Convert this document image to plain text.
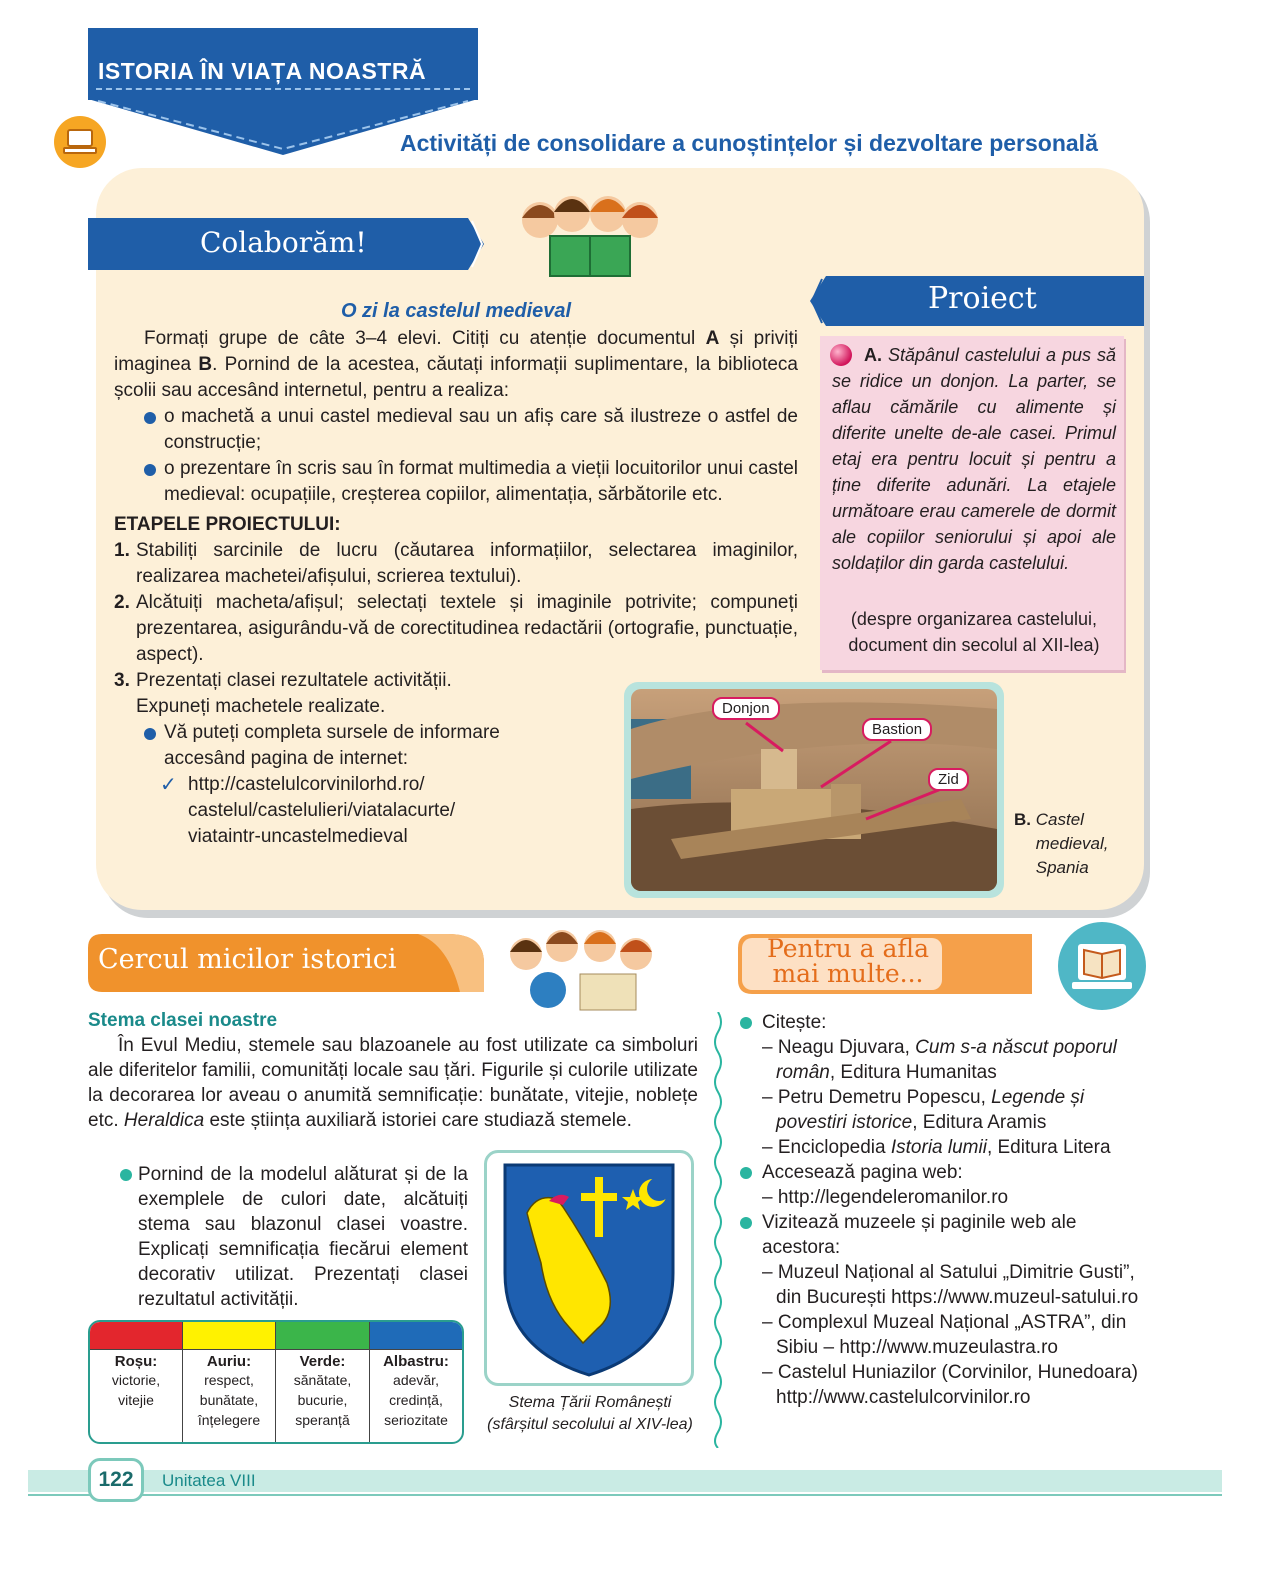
ISTORIA ÎN VIAȚA NOASTRĂ
Activități de consolidare a cunoștințelor și dezvoltare personală
Colaborăm!
Proiect
O zi la castelul medieval
Formați grupe de câte 3–4 elevi. Citiți cu atenție documentul A și priviți imaginea B. Pornind de la acestea, căutați informații suplimentare, la biblioteca școlii sau accesând internetul, pentru a realiza:
o machetă a unui castel medieval sau un afiș care să ilustreze o astfel de construcție;
o prezentare în scris sau în format multimedia a vieții locuitorilor unui castel medieval: ocupațiile, creșterea copiilor, alimentația, sărbătorile etc.
ETAPELE PROIECTULUI:
1. Stabiliți sarcinile de lucru (căutarea informațiilor, selectarea imaginilor, realizarea machetei/afișului, scrierea textului).
2. Alcătuiți macheta/afișul; selectați textele și imaginile potrivite; compuneți prezentarea, asigurându-vă de corectitudinea redactării (ortografie, punctuație, aspect).
3. Prezentați clasei rezultatele activității.
Expuneți machetele realizate.
Vă puteți completa sursele de informare accesând pagina de internet:
✓ http://castelulcorvinilorhd.ro/
castelul/castelulieri/viatalacurte/
viataintr-uncastelmedieval
A. Stăpânul castelului a pus să se ridice un donjon. La parter, se aflau cămările cu alimente și diferite unelte de-ale casei. Primul etaj era pentru locuit și pentru a ține diferite adunări. La etajele următoare erau camerele de dormit ale copiilor seniorului și apoi ale soldaților din garda castelului.
(despre organizarea castelului, document din secolul al XII-lea)
Donjon
Bastion
Zid
B. Castel medieval, Spania
Cercul micilor istorici	Pentru a afla
mai multe...
Stema clasei noastre
În Evul Mediu, stemele sau blazoanele au fost utilizate ca simboluri ale diferitelor familii, comunități locale sau țări. Figurile și culorile utilizate la decorarea lor aveau o anumită semnificație: bunătate, vitejie, noblețe etc. Heraldica este știința auxiliară istoriei care studiază stemele.
Pornind de la modelul alăturat și de la exemplele de culori date, alcătuiți stema sau blazonul clasei voastre. Explicați semnificația fiecărui element decorativ utilizat. Prezentați clasei rezultatul activității.
Roșu:
victorie,
vitejie
Auriu:
respect,
bunătate,
înțelegere
Verde:
sănătate,
bucurie,
speranță
Albastru:
adevăr,
credință,
seriozitate
Stema Țării Românești (sfârșitul secolului al XIV-lea)
Citește:
– Neagu Djuvara, Cum s-a născut poporul român, Editura Humanitas
– Petru Demetru Popescu, Legende și povestiri istorice, Editura Aramis
– Enciclopedia Istoria lumii, Editura Litera
Accesează pagina web:
– http://legendeleromanilor.ro
Vizitează muzeele și paginile web ale acestora:
– Muzeul Național al Satului „Dimitrie Gusti”, din București https://www.muzeul-satului.ro
– Complexul Muzeal Național „ASTRA”, din Sibiu – http://www.muzeulastra.ro
– Castelul Huniazilor (Corvinilor, Hunedoara) http://www.castelulcorvinilor.ro
122	Unitatea VIII
